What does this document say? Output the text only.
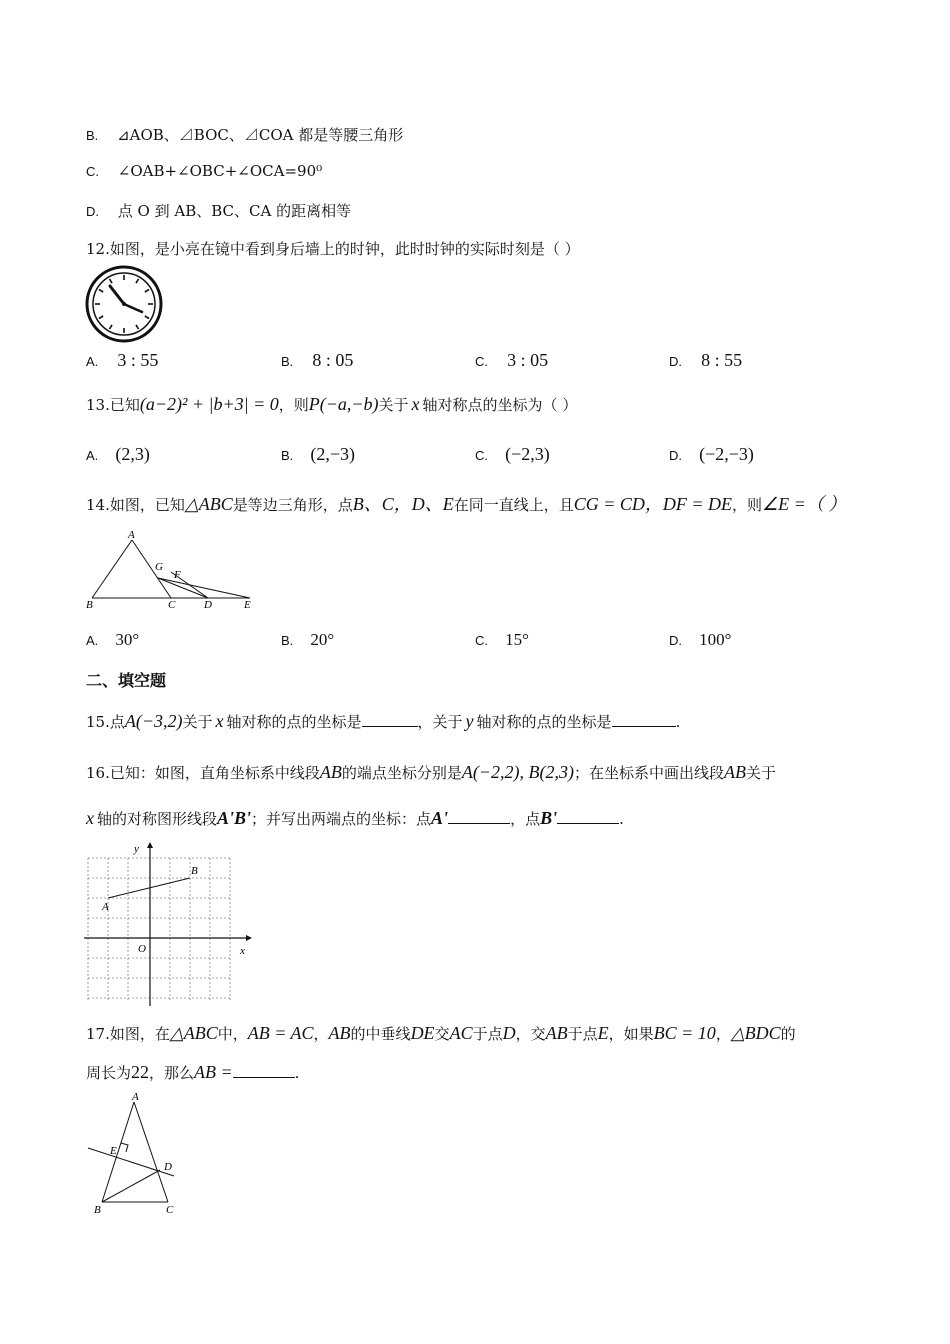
B. ⊿AOB、⊿BOC、⊿COA 都是等腰三角形
C. ∠OAB+∠OBC+∠OCA=90⁰
D. 点 O 到 AB、BC、CA 的距离相等
12.如图，是小亮在镜中看到身后墙上的时钟，此时时钟的实际时刻是（ ）
A. 3 : 55	B. 8 : 05	C. 3 : 05	D. 8 : 55
13.已知(a−2)² + |b+3| = 0，则P(−a,−b)关于 x 轴对称点的坐标为（ ）
A. (2,3)	B. (2,−3)	C. (−2,3)	D. (−2,−3)
14.如图，已知△ABC是等边三角形，点B、C，D、E在同一直线上，且CG = CD，DF = DE，则∠E =（ ）
A
G
F
B	C	D	E
A. 30°	B. 20°	C. 15°	D. 100°
二、填空题
15.点A(−3,2)关于 x 轴对称的点的坐标是	，关于 y 轴对称的点的坐标是	.
16.已知：如图，直角坐标系中线段AB的端点坐标分别是A(−2,2), B(2,3)；在坐标系中画出线段AB关于
x 轴的对称图形线段A'B'；并写出两端点的坐标：点A'	，点B'	.
y
x
O
A
B
17.如图，在△ABC中，AB = AC，AB的中垂线DE交AC于点D，交AB于点E，如果BC = 10，△BDC的
周长为22，那么AB =	.
A
E
D
B	C
